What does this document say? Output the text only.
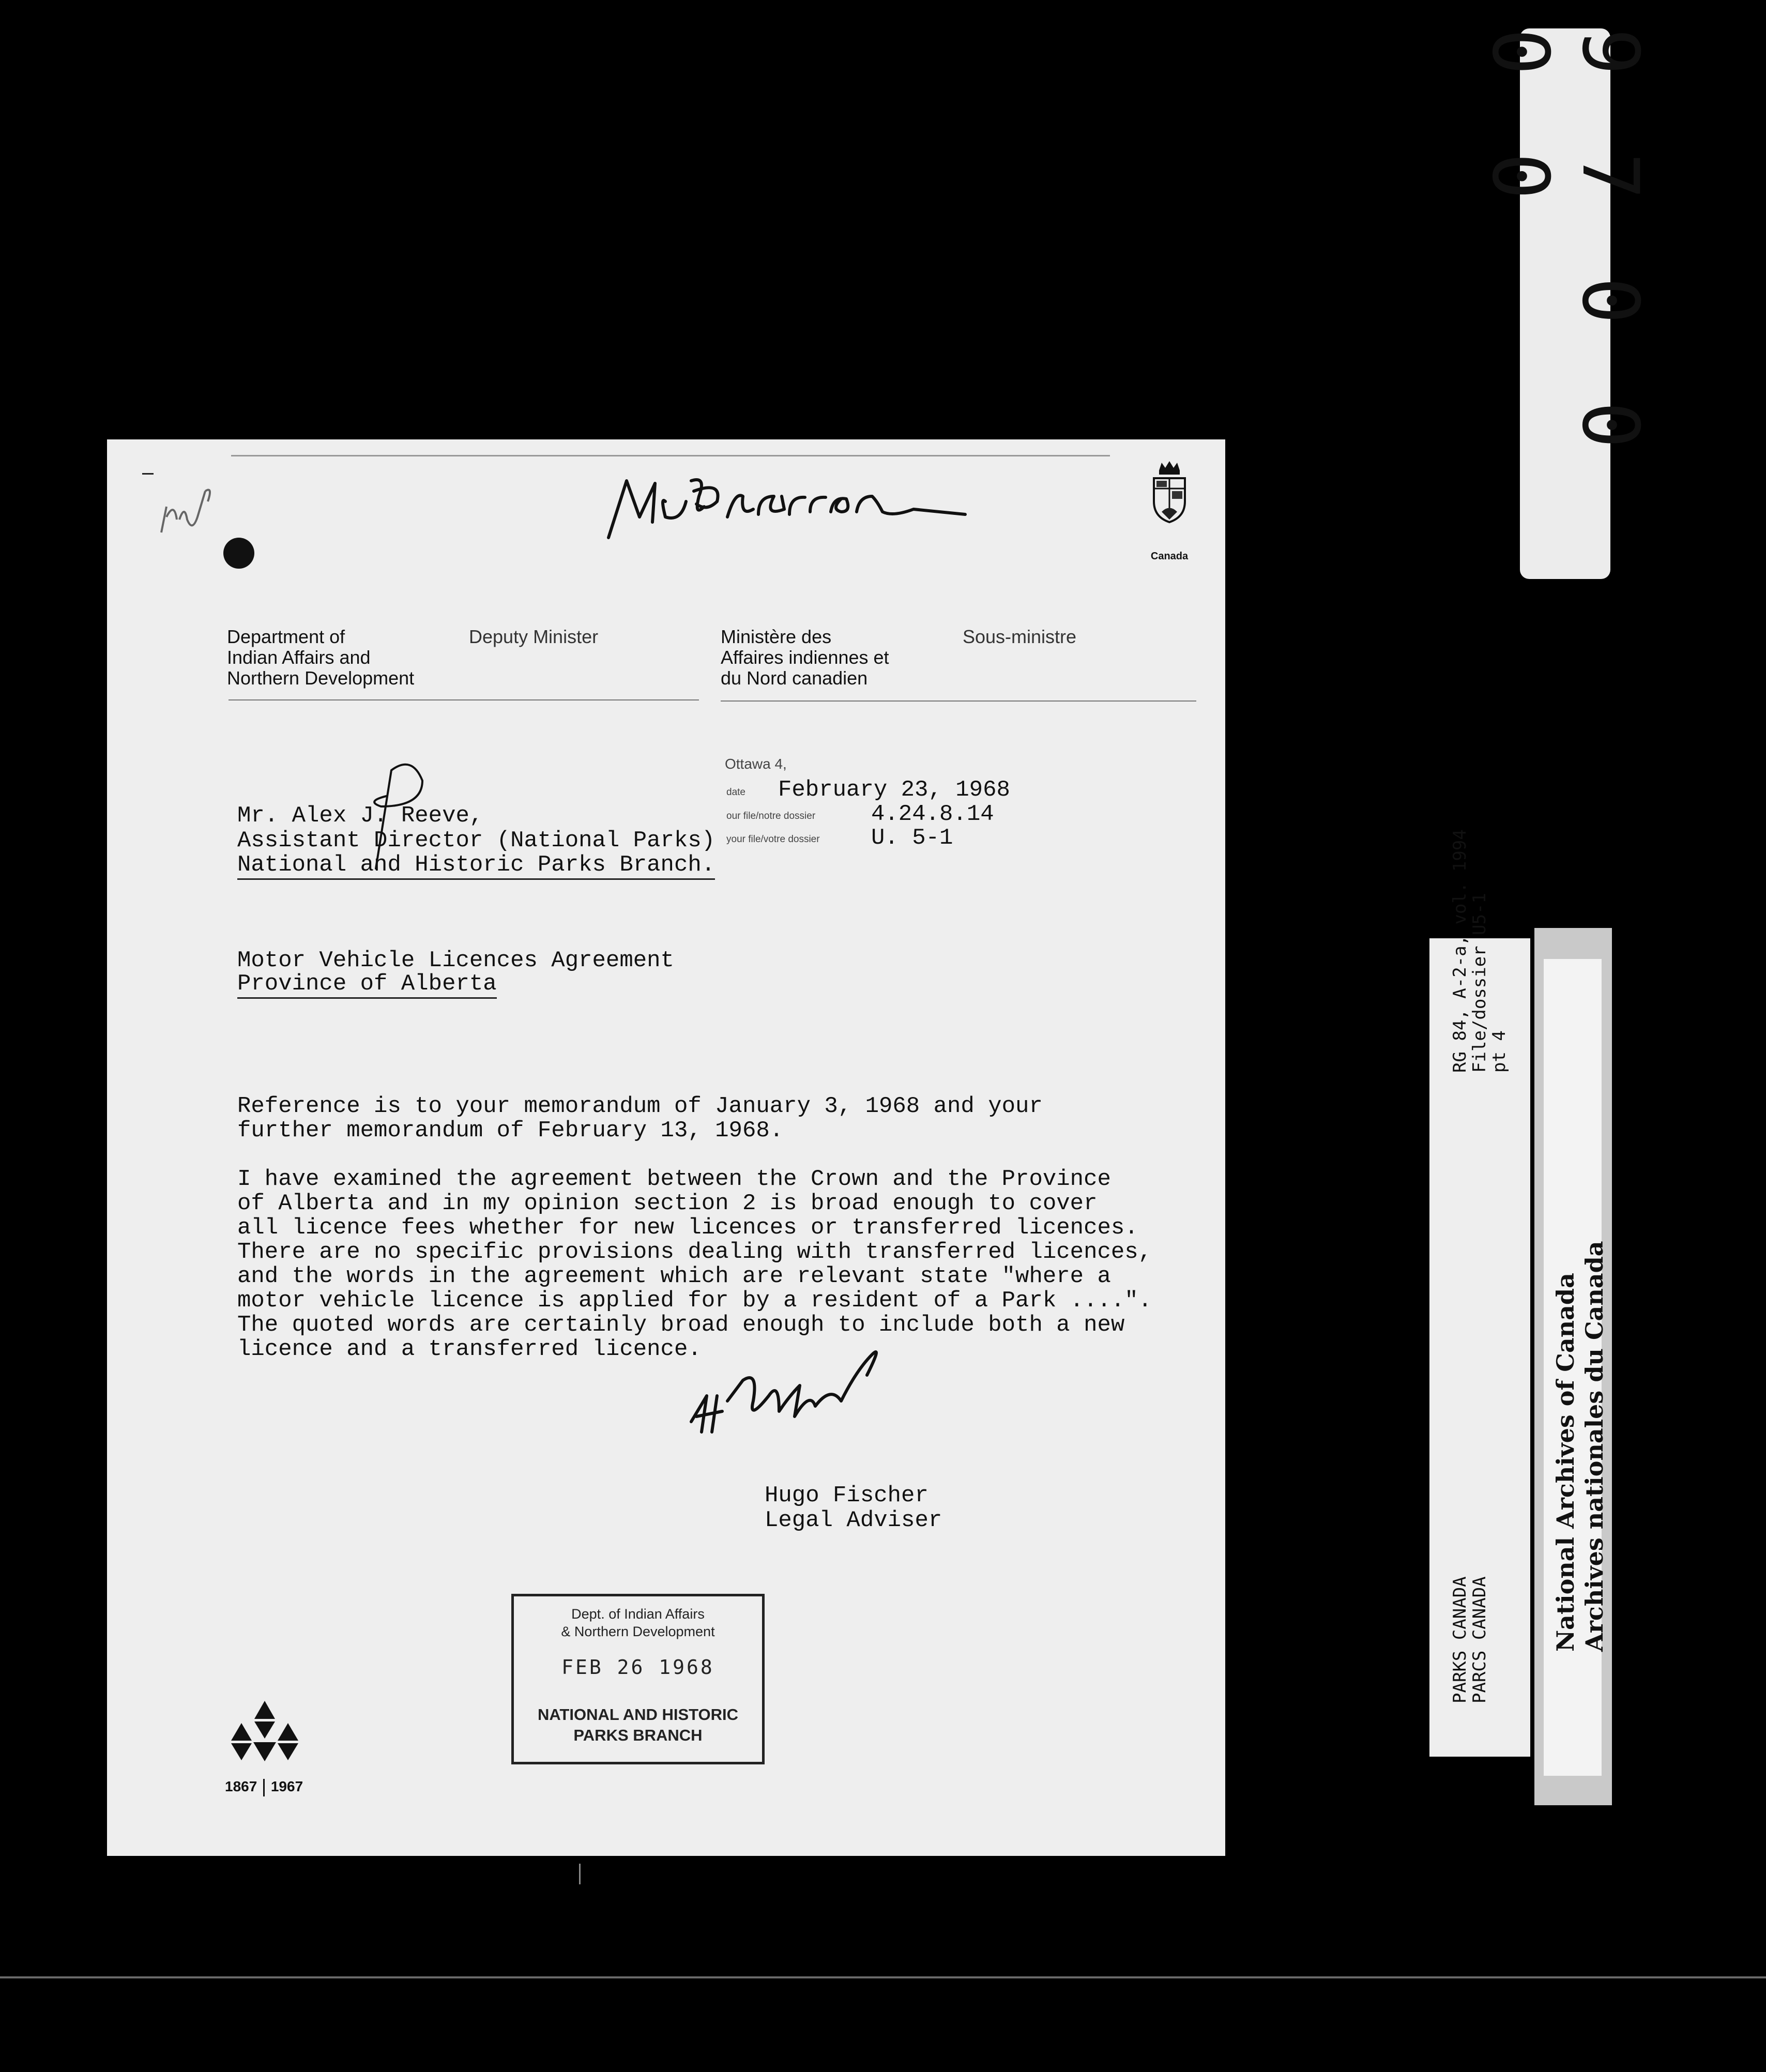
9 7 0 0 0 0
RG 84, A-2-a, vol. 1994
File/dossier U5-1
pt 4
PARKS CANADA
PARCS CANADA	National Archives of Canada Archives nationales du Canada
Canada
Department of
Indian Affairs and
Northern Development
Deputy Minister	Ministère des
Affaires indiennes et
du Nord canadien
Sous-ministre
Ottawa 4,
date February 23, 1968
our file/notre dossier 4.24.8.14
your file/votre dossier U. 5-1
Mr. Alex J. Reeve,
Assistant Director (National Parks)
National and Historic Parks Branch.
Motor Vehicle Licences Agreement
Province of Alberta
Reference is to your memorandum of January 3, 1968 and your
further memorandum of February 13, 1968.
I have examined the agreement between the Crown and the Province
of Alberta and in my opinion section 2 is broad enough to cover
all licence fees whether for new licences or transferred licences.
There are no specific provisions dealing with transferred licences,
and the words in the agreement which are relevant state "where a
motor vehicle licence is applied for by a resident of a Park ....".
The quoted words are certainly broad enough to include both a new
licence and a transferred licence.
Hugo Fischer
Legal Adviser
Dept. of Indian Affairs
& Northern Development
FEB 26 1968
NATIONAL AND HISTORIC
PARKS BRANCH
1867 1967
